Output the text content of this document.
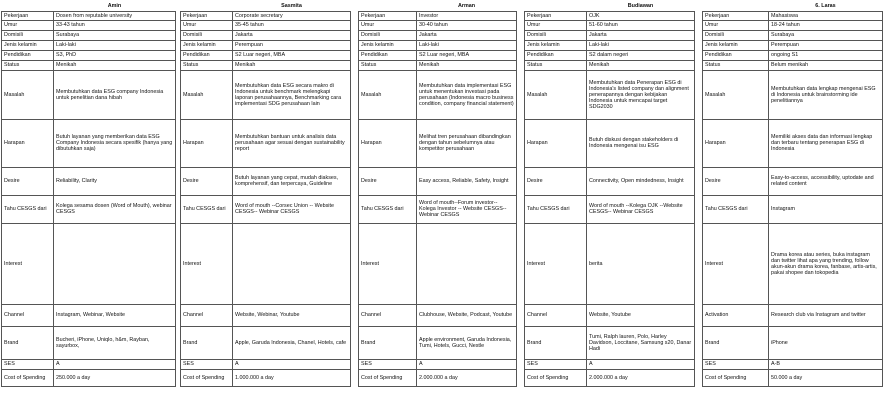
	Amin
Pekerjaan	Dosen from reputable university
Umur	33-43 tahun
Domisili	Surabaya
Jenis kelamin	Laki-laki
Pendidikan	S3, PhD
Status	Menikah
Masalah	Membutuhkan data ESG company Indonesia untuk penelitian dana hibah
Harapan	Butuh layanan yang memberikan data ESG Company Indonesia secara spesifik (hanya yang dibutuhkan saja)
Desire	Reliability, Clarity
Tahu CESGS dari	Kolega sesama dosen (Word of Mouth), webinar CESGS
Interest	
Channel	Instagram, Webinar, Website
Brand	Bucheri, iPhone, Uniqlo, h&m, Rayban, sayurbox,
SES	A
Cost of Spending	250.000 a day
	Sasmita
Pekerjaan	Corporate secretary
Umur	35-45 tahun
Domisili	Jakarta
Jenis kelamin	Perempuan
Pendidikan	S2 Luar negeri, MBA
Status	Menikah
Masalah	Membutuhkan data ESG secara makro di Indonesia untuk benchmark melengkapi laporan perusahaannya, Benchmarking cara implementasi SDG perusahaan lain
Harapan	Membutuhkan bantuan untuk analisis data perusahaan agar sesuai dengan sustainability report
Desire	Butuh layanan yang cepat, mudah diakses, komprehensif, dan terpercaya, Guideline
Tahu CESGS dari	Word of mouth --Corsec Union -- Website CESGS-- Webinar CESGS
Interest	
Channel	Website, Webinar, Youtube
Brand	Apple, Garuda Indonesia, Chanel, Hotels, cafe
SES	A
Cost of Spending	1.000.000 a day
	Arman
Pekerjaan	Investor
Umur	30-40 tahun
Domisili	Jakarta
Jenis kelamin	Laki-laki
Pendidikan	S2 Luar negeri, MBA
Status	Menikah
Masalah	Membutuhkan data implementasi ESG untuk menentukan investasi pada perusahaan (Indonesia macro business condition, company financial statement)
Harapan	Melihat tren perusahaan dibandingkan dengan tahun sebelumnya atau kompetitor perusahaan
Desire	Easy access, Reliable, Safety, Insight
Tahu CESGS dari	Word of mouth--Forum investor--Kolega Investor -- Website CESGS-- Webinar CESGS
Interest	
Channel	Clubhouse, Website, Podcast, Youtube
Brand	Apple environment, Garuda Indonesia, Tumi, Hotels, Gucci, Nestle
SES	A
Cost of Spending	2.000.000 a day
	Budiawan
Pekerjaan	OJK
Umur	51-60 tahun
Domisili	Jakarta
Jenis kelamin	Laki-laki
Pendidikan	S2 dalam negeri
Status	Menikah
Masalah	Membutuhkan data Penerapan ESG di Indonesia's listed company dan alignment penerapannya dengan kebijakan Indonesia untuk mencapai target SDG2030
Harapan	Butuh diskusi dengan stakeholders di Indonesia mengenai isu ESG
Desire	Connectivity, Open mindedness, Insight
Tahu CESGS dari	Word of mouth --Kolega OJK --Website CESGS-- Webinar CESGS
Interest	berita
Channel	Website, Youtube
Brand	Tumi, Ralph lauren, Polo, Harley Davidson, Loccitane, Samsung s20, Danar Hadi
SES	A
Cost of Spending	2.000.000 a day
	6. Laras
Pekerjaan	Mahasiswa
Umur	18-24 tahun
Domisili	Surabaya
Jenis kelamin	Perempuan
Pendidikan	ongoing S1
Status	Belum menikah
Masalah	Membutuhkan data lengkap mengenai ESG di Indonesia untuk brainstorming ide penelitiannya
Harapan	Memiliki akses data dan informasi lengkap dan terbaru tentang penerapan ESG di Indonesia
Desire	Easy-to-access, accessibility, uptodate and related content
Tahu CESGS dari	Instagram
Interest	Drama korea atau series, buka instagram dan twitter lihat apa yang trending, follow akun-akun drama korea, fanbase, artis-artis, pakai shopee dan tokopedia
Activation	Research club via Instagram and twitter
Brand	iPhone
SES	A-B
Cost of Spending	50.000 a day
